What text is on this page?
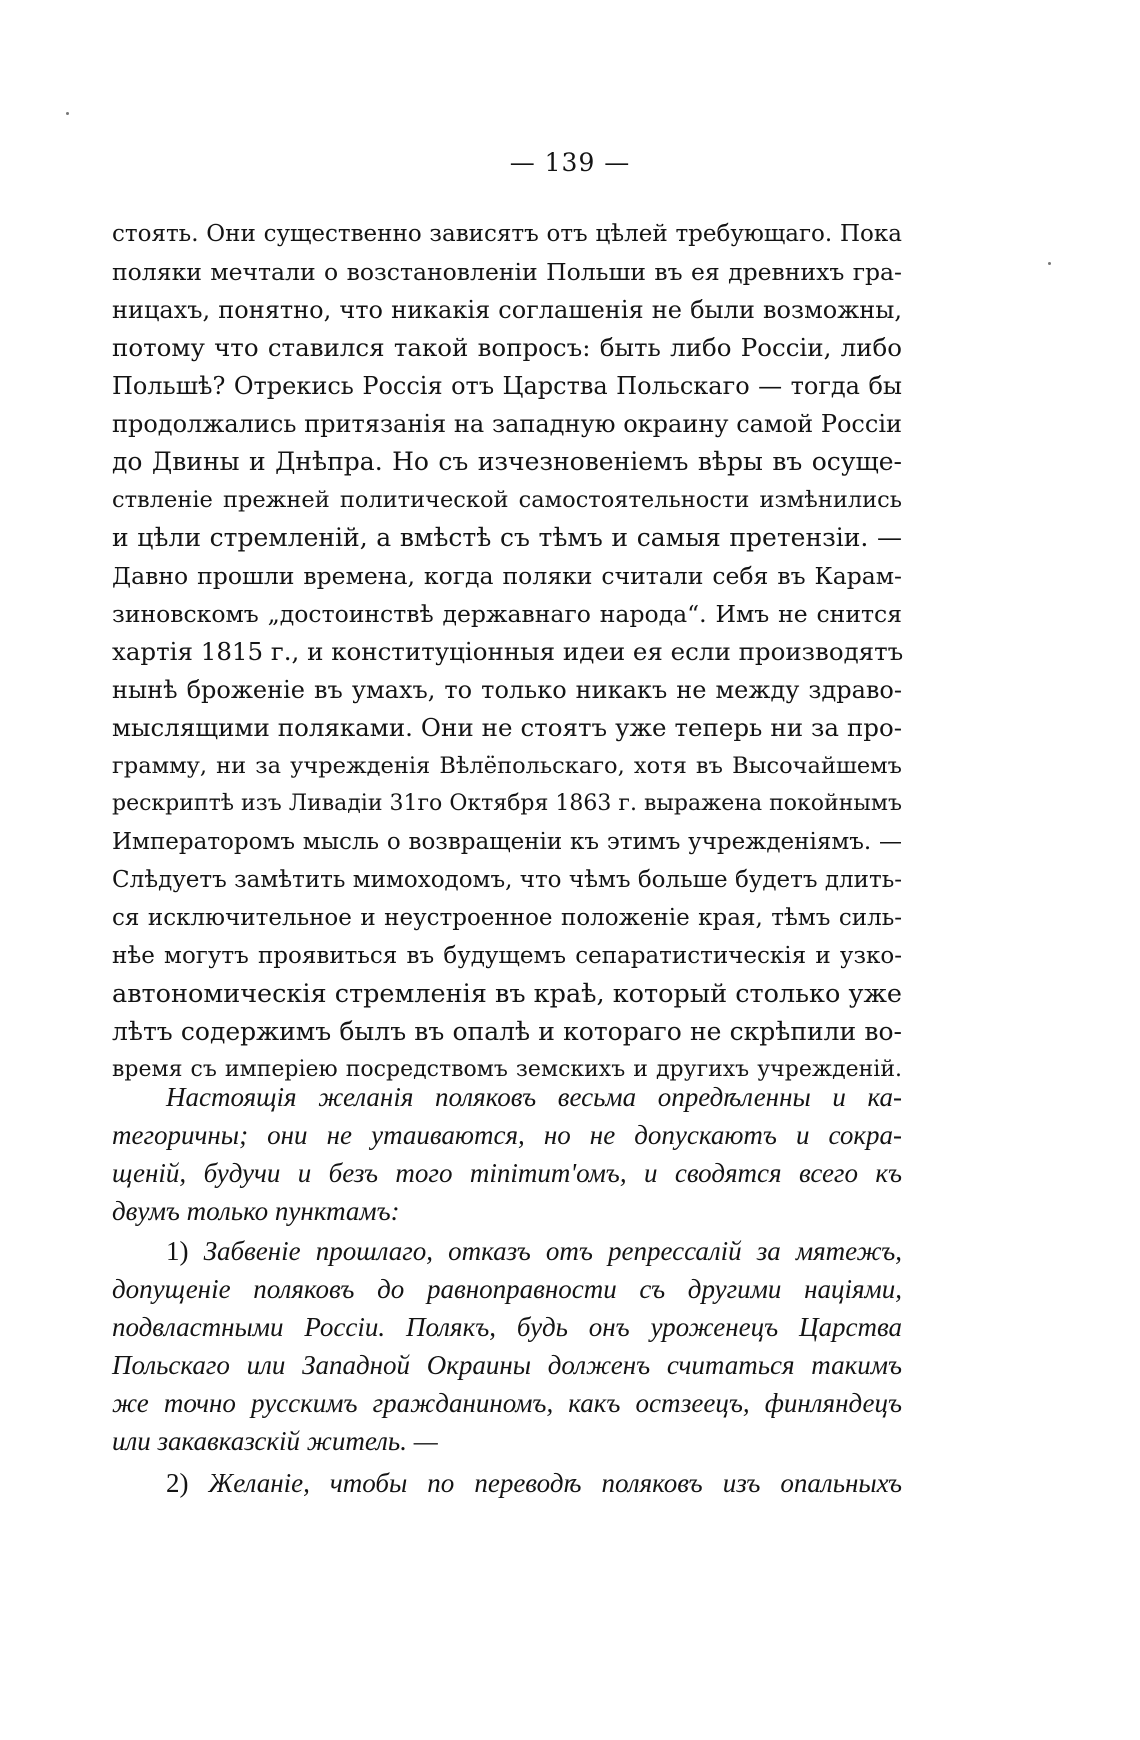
— 139 —
стоять. Они существенно зависятъ отъ цѣлей требующаго. Пока
поляки мечтали о возстановленіи Польши въ ея древнихъ гра-
ницахъ, понятно, что никакія соглашенія не были возможны,
потому что ставился такой вопросъ: быть либо Россіи, либо
Польшѣ? Отрекись Россія отъ Царства Польскаго — тогда бы
продолжались притязанія на западную окраину самой Россіи
до Двины и Днѣпра. Но съ изчезновеніемъ вѣры въ осуще-
ствленіе прежней политической самостоятельности измѣнились
и цѣли стремленій, а вмѣстѣ съ тѣмъ и самыя претензіи. —
Давно прошли времена, когда поляки считали себя въ Карам-
зиновскомъ „достоинствѣ державнаго народа“. Имъ не снится
хартія 1815 г., и конституціонныя идеи ея если производятъ
нынѣ броженіе въ умахъ, то только никакъ не между здраво-
мыслящими поляками. Они не стоятъ уже теперь ни за про-
грамму, ни за учрежденія Вѣлёпольскаго, хотя въ Высочайшемъ
рескриптѣ изъ Ливадіи 31го Октября 1863 г. выражена покойнымъ
Императоромъ мысль о возвращеніи къ этимъ учрежденіямъ. —
Слѣдуетъ замѣтить мимоходомъ, что чѣмъ больше будетъ длить-
ся исключительное и неустроенное положеніе края, тѣмъ силь-
нѣе могутъ проявиться въ будущемъ сепаратистическія и узко-
автономическія стремленія въ краѣ, который столько уже
лѣтъ содержимъ былъ въ опалѣ и котораго не скрѣпили во-
время съ имперіею посредствомъ земскихъ и другихъ учрежденій.
Настоящія желанія поляковъ весьма опредѣленны и ка-
тегоричны; они не утаиваются, но не допускаютъ и сокра-
щеній, будучи и безъ того minimum'омъ, и сводятся всего къ
двумъ только пунктамъ:
1) Забвеніе прошлаго, отказъ отъ репрессалій за мятежъ,
допущеніе поляковъ до равноправности съ другими націями,
подвластными Россіи. Полякъ, будь онъ уроженецъ Царства
Польскаго или Западной Окраины долженъ считаться такимъ
же точно русскимъ гражданиномъ, какъ остзеецъ, финляндецъ
или закавказскій житель. —
2) Желаніе, чтобы по переводѣ поляковъ изъ опальныхъ
